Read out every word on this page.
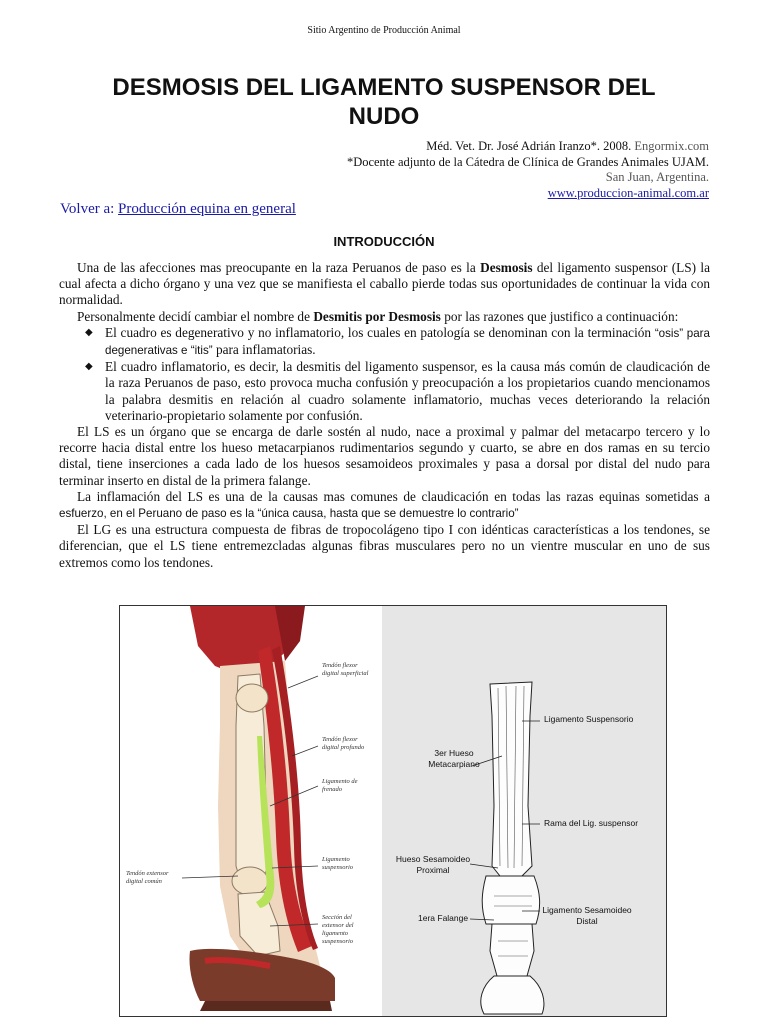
Sitio Argentino de Producción Animal
DESMOSIS DEL LIGAMENTO SUSPENSOR DEL
NUDO
Méd. Vet. Dr. José Adrián Iranzo*. 2008. Engormix.com
*Docente adjunto de la Cátedra de Clínica de Grandes Animales UJAM.
San Juan, Argentina.
www.produccion-animal.com.ar
Volver a: Producción equina en general
INTRODUCCIÓN

Una de las afecciones mas preocupante en la raza Peruanos de paso es la Desmosis del ligamento suspensor (LS) la cual afecta a dicho órgano y una vez que se manifiesta el caballo pierde todas sus oportunidades de continuar la vida con normalidad.

Personalmente decidí cambiar el nombre de Desmitis por Desmosis por las razones que justifico a continuación:

◆ El cuadro es degenerativo y no inflamatorio, los cuales en patología se denominan con la terminación “osis” para degenerativas e “itis” para inflamatorias.
◆ El cuadro inflamatorio, es decir, la desmitis del ligamento suspensor, es la causa más común de claudicación de la raza Peruanos de paso, esto provoca mucha confusión y preocupación a los propietarios cuando mencionamos la palabra desmitis en relación al cuadro solamente inflamatorio, muchas veces deteriorando la relación veterinario-propietario solamente por confusión.

El LS es un órgano que se encarga de darle sostén al nudo, nace a proximal y palmar del metacarpo tercero y lo recorre hacia distal entre los hueso metacarpianos rudimentarios segundo y cuarto, se abre en dos ramas en su tercio distal, tiene inserciones a cada lado de los huesos sesamoideos proximales y pasa a dorsal por distal del nudo para terminar inserto en distal de la primera falange.

La inflamación del LS es una de la causas mas comunes de claudicación en todas las razas equinas sometidas a esfuerzo, en el Peruano de paso es la “única causa, hasta que se demuestre lo contrario”

El LG es una estructura compuesta de fibras de tropocolágeno tipo I con idénticas características a los tendones, se diferencian, que el LS tiene entremezcladas algunas fibras musculares pero no un vientre muscular en uno de sus extremos como los tendones.

Tendón flexor digital superficial
Tendón flexor digital profundo
Ligamento de frenado
Tendón extensor digital común
Ligamento suspensorio
Sección del extensor del ligamento suspensorio
Ligamento Suspensorio
3er Hueso Metacarpiano
Rama del Lig. suspensor
Hueso Sesamoideo Proximal
1era Falange
Ligamento Sesamoideo Distal
